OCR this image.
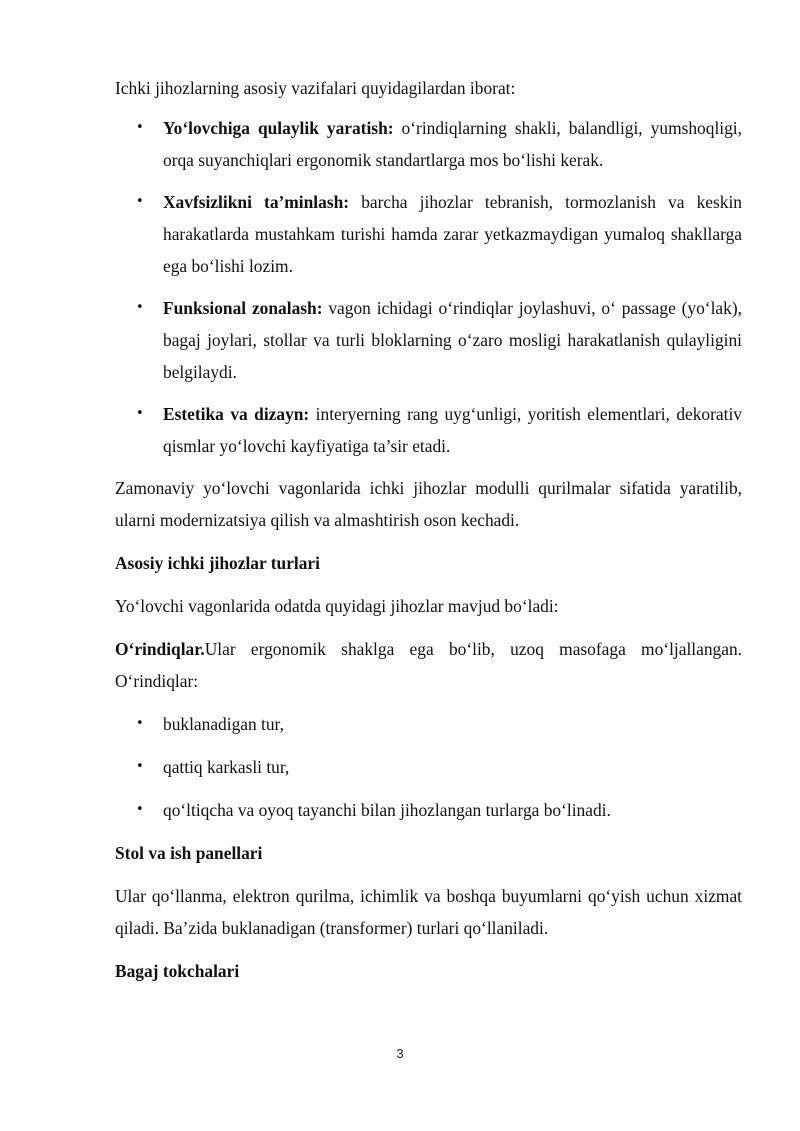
Ichki jihozlarning asosiy vazifalari quyidagilardan iborat:

• Yo‘lovchiga qulaylik yaratish: o‘rindiqlarning shakli, balandligi, yumshoqligi, orqa suyanchiqlari ergonomik standartlarga mos bo‘lishi kerak.
• Xavfsizlikni ta’minlash: barcha jihozlar tebranish, tormozlanish va keskin harakatlarda mustahkam turishi hamda zarar yetkazmaydigan yumaloq shakllarga ega bo‘lishi lozim.
• Funksional zonalash: vagon ichidagi o‘rindiqlar joylashuvi, o‘ passage (yo‘lak), bagaj joylari, stollar va turli bloklarning o‘zaro mosligi harakatlanish qulayligini belgilaydi.
• Estetika va dizayn: interyerning rang uyg‘unligi, yoritish elementlari, dekorativ qismlar yo‘lovchi kayfiyatiga ta’sir etadi.

Zamonaviy yo‘lovchi vagonlarida ichki jihozlar modulli qurilmalar sifatida yaratilib, ularni modernizatsiya qilish va almashtirish oson kechadi.

Asosiy ichki jihozlar turlari

Yo‘lovchi vagonlarida odatda quyidagi jihozlar mavjud bo‘ladi:

O‘rindiqlar.Ular ergonomik shaklga ega bo‘lib, uzoq masofaga mo‘ljallangan. O‘rindiqlar:

• buklanadigan tur,
• qattiq karkasli tur,
• qo‘ltiqcha va oyoq tayanchi bilan jihozlangan turlarga bo‘linadi.

Stol va ish panellari

Ular qo‘llanma, elektron qurilma, ichimlik va boshqa buyumlarni qo‘yish uchun xizmat qiladi. Ba’zida buklanadigan (transformer) turlari qo‘llaniladi.

Bagaj tokchalari

3
